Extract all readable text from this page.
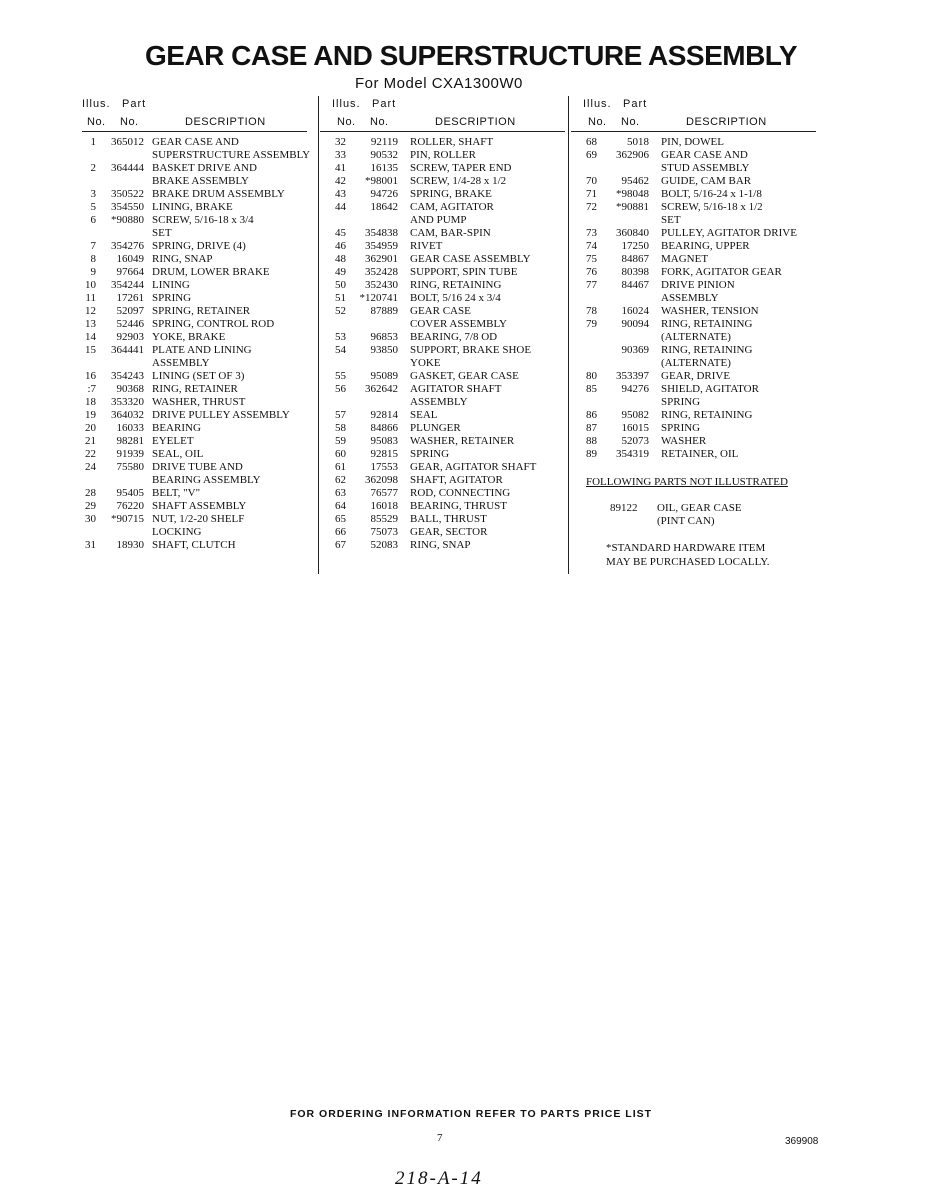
GEAR CASE AND SUPERSTRUCTURE ASSEMBLY
For Model CXA1300W0
Illus. Part
No. No.	DESCRIPTION
1	365012 GEAR CASE AND
SUPERSTRUCTURE ASSEMBLY
2	364444 BASKET DRIVE AND
BRAKE ASSEMBLY
3	350522 BRAKE DRUM ASSEMBLY
5	354550 LINING, BRAKE
6	*90880 SCREW, 5/16-18 x 3/4
SET
7	354276 SPRING, DRIVE (4)
8	16049 RING, SNAP
9	97664 DRUM, LOWER BRAKE
10	354244 LINING
11	17261 SPRING
12	52097 SPRING, RETAINER
13	52446 SPRING, CONTROL ROD
14	92903 YOKE, BRAKE
15	364441 PLATE AND LINING
ASSEMBLY
16	354243 LINING (SET OF 3)
:7	90368 RING, RETAINER
18	353320 WASHER, THRUST
19	364032 DRIVE PULLEY ASSEMBLY
20	16033 BEARING
21	98281 EYELET
22	91939 SEAL, OIL
24	75580 DRIVE TUBE AND
BEARING ASSEMBLY
28	95405 BELT, "V"
29	76220 SHAFT ASSEMBLY
30	*90715 NUT, 1/2-20 SHELF
LOCKING
31	18930 SHAFT, CLUTCH
Illus. Part
No. No.	DESCRIPTION
32	92119 ROLLER, SHAFT
33	90532 PIN, ROLLER
41	16135 SCREW, TAPER END
42	*98001 SCREW, 1/4-28 x 1/2
43	94726 SPRING, BRAKE
44	18642 CAM, AGITATOR
AND PUMP
45	354838 CAM, BAR-SPIN
46	354959 RIVET
48	362901 GEAR CASE ASSEMBLY
49	352428 SUPPORT, SPIN TUBE
50	352430 RING, RETAINING
51	*120741 BOLT, 5/16 24 x 3/4
52	87889 GEAR CASE
COVER ASSEMBLY
53	96853 BEARING, 7/8 OD
54	93850 SUPPORT, BRAKE SHOE
YOKE
55	95089 GASKET, GEAR CASE
56	362642 AGITATOR SHAFT
ASSEMBLY
57	92814 SEAL
58	84866 PLUNGER
59	95083 WASHER, RETAINER
60	92815 SPRING
61	17553 GEAR, AGITATOR SHAFT
62	362098 SHAFT, AGITATOR
63	76577 ROD, CONNECTING
64	16018 BEARING, THRUST
65	85529 BALL, THRUST
66	75073 GEAR, SECTOR
67	52083 RING, SNAP
Illus. Part
No. No.	DESCRIPTION
68	5018 PIN, DOWEL
69	362906 GEAR CASE AND
STUD ASSEMBLY
70	95462 GUIDE, CAM BAR
71	*98048 BOLT, 5/16-24 x 1-1/8
72	*90881 SCREW, 5/16-18 x 1/2
SET
73	360840 PULLEY, AGITATOR DRIVE
74	17250 BEARING, UPPER
75	84867 MAGNET
76	80398 FORK, AGITATOR GEAR
77	84467 DRIVE PINION
ASSEMBLY
78	16024 WASHER, TENSION
79	90094 RING, RETAINING
(ALTERNATE)
90369 RING, RETAINING
(ALTERNATE)
80	353397 GEAR, DRIVE
85	94276 SHIELD, AGITATOR
SPRING
86	95082 RING, RETAINING
87	16015 SPRING
88	52073 WASHER
89	354319 RETAINER, OIL
FOLLOWING PARTS NOT ILLUSTRATED
89122 OIL, GEAR CASE
(PINT CAN)
*STANDARD HARDWARE ITEM
MAY BE PURCHASED LOCALLY.
FOR ORDERING INFORMATION REFER TO PARTS PRICE LIST
7	369908
218-A-14
